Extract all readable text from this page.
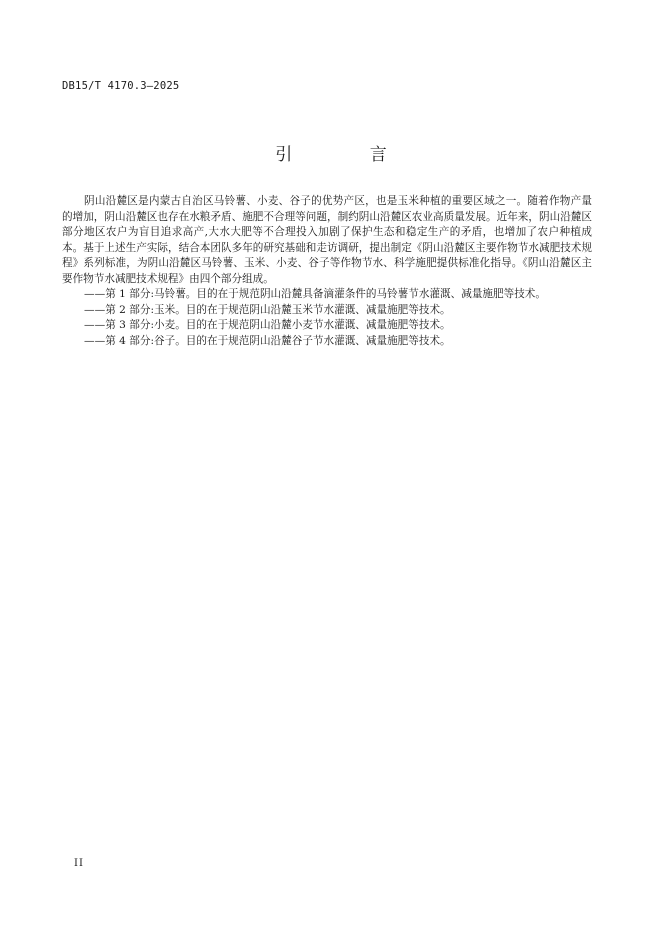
DB15/T 4170.3—2025
引 言

阴山沿麓区是内蒙古自治区马铃薯、小麦、谷子的优势产区，也是玉米种植的重要区域之一。随着作物产量的增加，阴山沿麓区也存在水粮矛盾、施肥不合理等问题，制约阴山沿麓区农业高质量发展。近年来，阴山沿麓区部分地区农户为盲目追求高产,大水大肥等不合理投入加剧了保护生态和稳定生产的矛盾，也增加了农户种植成本。基于上述生产实际，结合本团队多年的研究基础和走访调研，提出制定《阴山沿麓区主要作物节水减肥技术规程》系列标准，为阴山沿麓区马铃薯、玉米、小麦、谷子等作物节水、科学施肥提供标准化指导。《阴山沿麓区主要作物节水减肥技术规程》由四个部分组成。

——第 1 部分:马铃薯。目的在于规范阴山沿麓具备滴灌条件的马铃薯节水灌溉、减量施肥等技术。
——第 2 部分:玉米。目的在于规范阴山沿麓玉米节水灌溉、减量施肥等技术。
——第 3 部分:小麦。目的在于规范阴山沿麓小麦节水灌溉、减量施肥等技术。
——第 4 部分:谷子。目的在于规范阴山沿麓谷子节水灌溉、减量施肥等技术。
II
